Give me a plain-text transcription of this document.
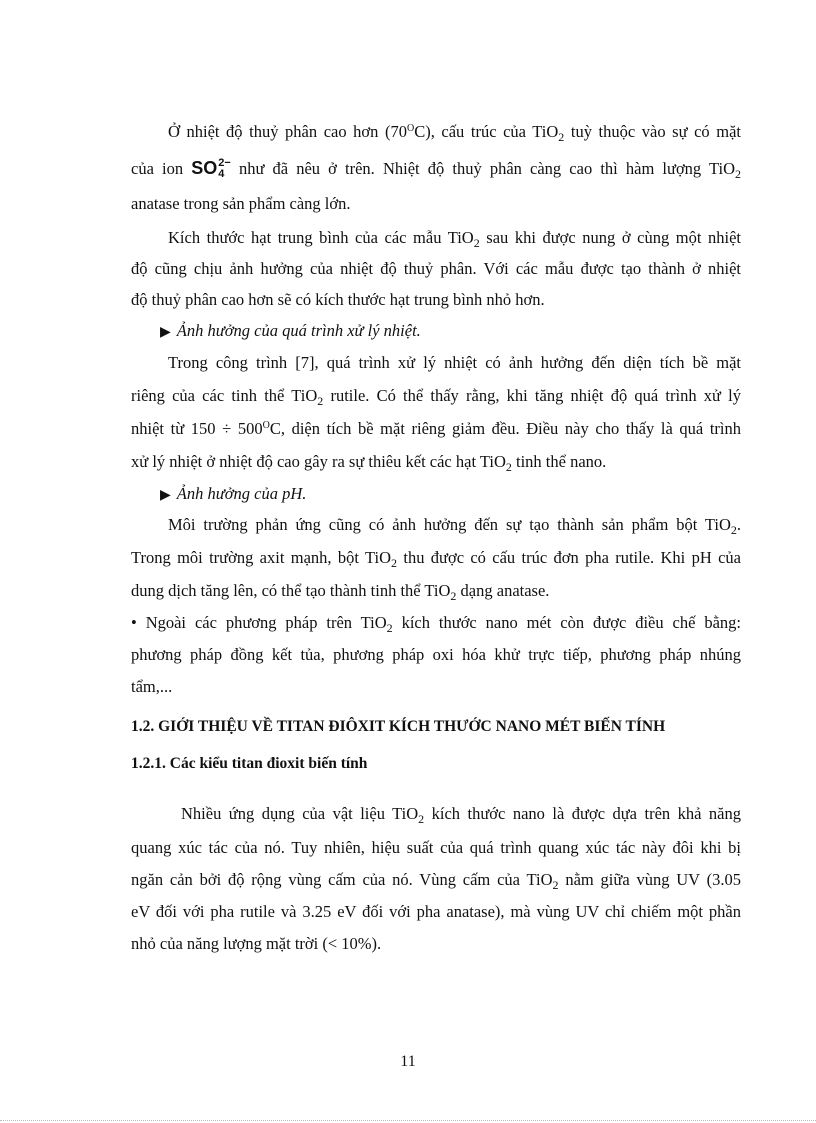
Ở nhiệt độ thuỷ phân cao hơn $(70^OC)$, cấu trúc của TiO$_2$ tuỳ thuộc vào sự có mặt
của ion SO 2−
4 như đã nêu ở trên. Nhiệt độ thuỷ phân càng cao thì hàm lượng TiO$_2$
anatase trong sản phẩm càng lớn.
Kích thước hạt trung bình của các mẫu TiO$_2$ sau khi được nung ở cùng một nhiệt
độ cũng chịu ảnh hưởng của nhiệt độ thuỷ phân. Với các mẫu được tạo thành ở nhiệt
độ thuỷ phân cao hơn sẽ có kích thước hạt trung bình nhỏ hơn.
▶ Ảnh hưởng của quá trình xử lý nhiệt.
Trong công trình [7], quá trình xử lý nhiệt có ảnh hưởng đến diện tích bề mặt
riêng của các tinh thể TiO$_2$ rutile. Có thể thấy rằng, khi tăng nhiệt độ quá trình xử lý
nhiệt từ $150 \div 500^OC$, diện tích bề mặt riêng giảm đều. Điều này cho thấy là quá trình
xử lý nhiệt ở nhiệt độ cao gây ra sự thiêu kết các hạt TiO$_2$ tinh thể nano.
▶ Ảnh hưởng của pH.
Môi trường phản ứng cũng có ảnh hưởng đến sự tạo thành sản phẩm bột TiO$_2$.
Trong môi trường axit mạnh, bột TiO$_2$ thu được có cấu trúc đơn pha rutile. Khi pH của
dung dịch tăng lên, có thể tạo thành tinh thể TiO$_2$ dạng anatase.
• Ngoài các phương pháp trên TiO$_2$ kích thước nano mét còn được điều chế bằng:
phương pháp đồng kết tủa, phương pháp oxi hóa khử trực tiếp, phương pháp nhúng
tẩm,...
1.2. GIỚI THIỆU VỀ TITAN ĐIÔXIT KÍCH THƯỚC NANO MÉT BIẾN TÍNH
1.2.1. Các kiểu titan đioxit biến tính
Nhiều ứng dụng của vật liệu TiO$_2$ kích thước nano là được dựa trên khả năng
quang xúc tác của nó. Tuy nhiên, hiệu suất của quá trình quang xúc tác này đôi khi bị
ngăn cản bởi độ rộng vùng cấm của nó. Vùng cấm của TiO$_2$ nằm giữa vùng UV (3.05
eV đối với pha rutile và 3.25 eV đối với pha anatase), mà vùng UV chỉ chiếm một phần
nhỏ của năng lượng mặt trời (< 10%).
11
